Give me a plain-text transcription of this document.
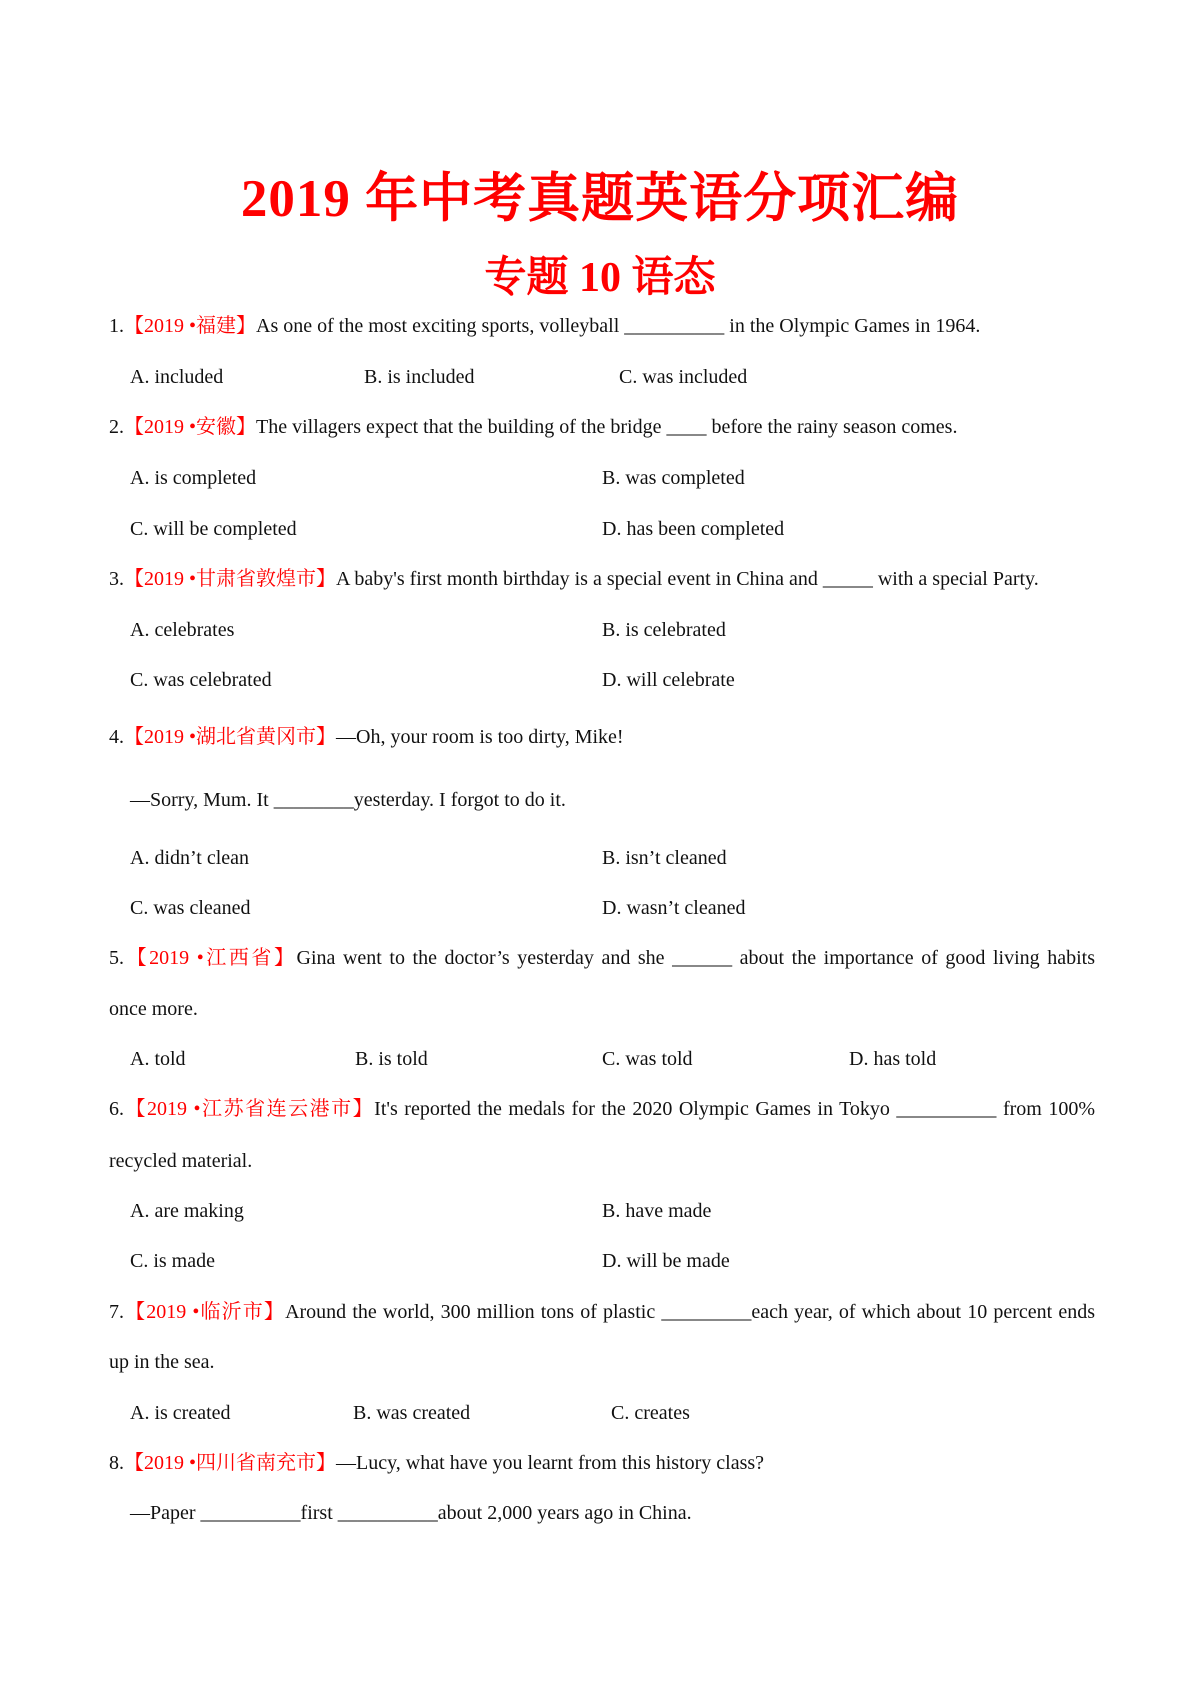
2019 年中考真题英语分项汇编
专题 10 语态
1.【2019 •福建】As one of the most exciting sports, volleyball __________ in the Olympic Games in 1964.
A. included	B. is included	C. was included
2.【2019 •安徽】The villagers expect that the building of the bridge ____ before the rainy season comes.
A. is completed	B. was completed
C. will be completed	D. has been completed
3.【2019 •甘肃省敦煌市】A baby's first month birthday is a special event in China and _____ with a special Party.
A. celebrates	B. is celebrated
C. was celebrated	D. will celebrate
4.【2019 •湖北省黄冈市】—Oh, your room is too dirty, Mike!
—Sorry, Mum. It ________yesterday. I forgot to do it.
A. didn’t clean	B. isn’t cleaned
C. was cleaned	D. wasn’t cleaned
5.【2019 •江西省】Gina went to the doctor’s yesterday and she ______ about the importance of good living habits
once more.
A. told	B. is told	C. was told	D. has told
6.【2019 •江苏省连云港市】It's reported the medals for the 2020 Olympic Games in Tokyo __________ from 100%
recycled material.
A. are making	B. have made
C. is made	D. will be made
7.【2019 •临沂市】Around the world, 300 million tons of plastic _________each year, of which about 10 percent ends
up in the sea.
A. is created	B. was created	C. creates
8.【2019 •四川省南充市】—Lucy, what have you learnt from this history class?
—Paper __________first __________about 2,000 years ago in China.
